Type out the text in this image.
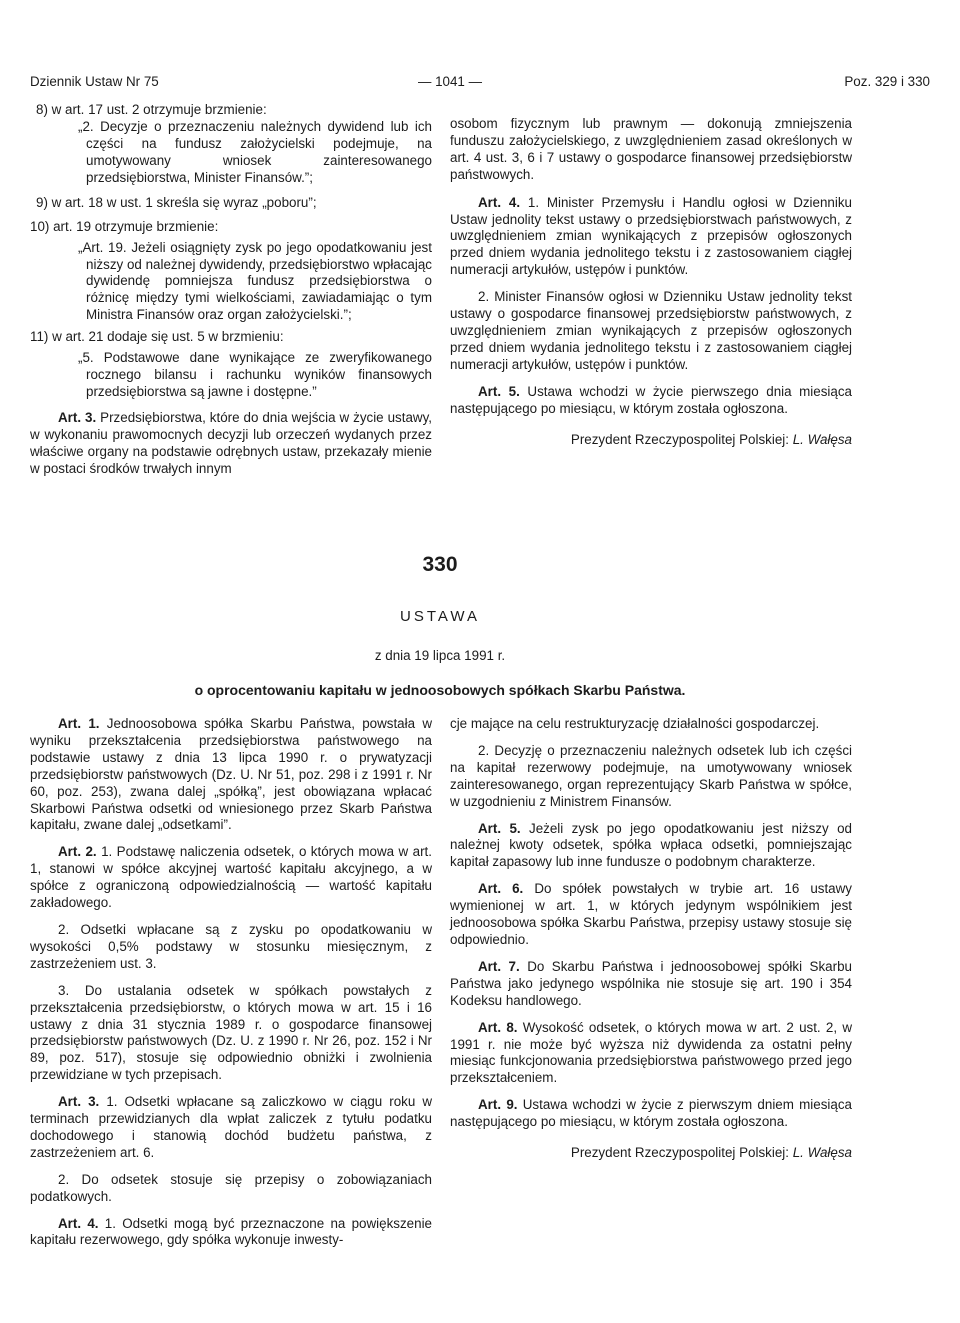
Dziennik Ustaw Nr 75	— 1041 —	Poz. 329 i 330
8) w art. 17 ust. 2 otrzymuje brzmienie:

„2. Decyzje o przeznaczeniu należnych dywidend lub ich części na fundusz założycielski podejmuje, na umotywowany wniosek zainteresowanego przedsiębiorstwa, Minister Finansów.”;

9) w art. 18 w ust. 1 skreśla się wyraz „poboru”;
10) art. 19 otrzymuje brzmienie:

„Art. 19. Jeżeli osiągnięty zysk po jego opodatkowaniu jest niższy od należnej dywidendy, przedsiębiorstwo wpłacając dywidendę pomniejsza fundusz przedsiębiorstwa o różnicę między tymi wielkościami, zawiadamiając o tym Ministra Finansów oraz organ założycielski.”;

11) w art. 21 dodaje się ust. 5 w brzmieniu:

„5. Podstawowe dane wynikające ze zweryfikowanego rocznego bilansu i rachunku wyników finansowych przedsiębiorstwa są jawne i dostępne.”

Art. 3. Przedsiębiorstwa, które do dnia wejścia w życie ustawy, w wykonaniu prawomocnych decyzji lub orzeczeń wydanych przez właściwe organy na podstawie odrębnych ustaw, przekazały mienie w postaci środków trwałych innym

osobom fizycznym lub prawnym — dokonują zmniejszenia funduszu założycielskiego, z uwzględnieniem zasad określonych w art. 4 ust. 3, 6 i 7 ustawy o gospodarce finansowej przedsiębiorstw państwowych.

Art. 4. 1. Minister Przemysłu i Handlu ogłosi w Dzienniku Ustaw jednolity tekst ustawy o przedsiębiorstwach państwowych, z uwzględnieniem zmian wynikających z przepisów ogłoszonych przed dniem wydania jednolitego tekstu i z zastosowaniem ciągłej numeracji artykułów, ustępów i punktów.

2. Minister Finansów ogłosi w Dzienniku Ustaw jednolity tekst ustawy o gospodarce finansowej przedsiębiorstw państwowych, z uwzględnieniem zmian wynikających z przepisów ogłoszonych przed dniem wydania jednolitego tekstu i z zastosowaniem ciągłej numeracji artykułów, ustępów i punktów.

Art. 5. Ustawa wchodzi w życie pierwszego dnia miesiąca następującego po miesiącu, w którym została ogłoszona.

Prezydent Rzeczypospolitej Polskiej: L. Wałęsa

330
USTAWA
z dnia 19 lipca 1991 r.
o oprocentowaniu kapitału w jednoosobowych spółkach Skarbu Państwa.

Art. 1. Jednoosobowa spółka Skarbu Państwa, powstała w wyniku przekształcenia przedsiębiorstwa państwowego na podstawie ustawy z dnia 13 lipca 1990 r. o prywatyzacji przedsiębiorstw państwowych (Dz. U. Nr 51, poz. 298 i z 1991 r. Nr 60, poz. 253), zwana dalej „spółką”, jest obowiązana wpłacać Skarbowi Państwa odsetki od wniesionego przez Skarb Państwa kapitału, zwane dalej „odsetkami”.

Art. 2. 1. Podstawę naliczenia odsetek, o których mowa w art. 1, stanowi w spółce akcyjnej wartość kapitału akcyjnego, a w spółce z ograniczoną odpowiedzialnością — wartość kapitału zakładowego.

2. Odsetki wpłacane są z zysku po opodatkowaniu w wysokości 0,5% podstawy w stosunku miesięcznym, z zastrzeżeniem ust. 3.

3. Do ustalania odsetek w spółkach powstałych z przekształcenia przedsiębiorstw, o których mowa w art. 15 i 16 ustawy z dnia 31 stycznia 1989 r. o gospodarce finansowej przedsiębiorstw państwowych (Dz. U. z 1990 r. Nr 26, poz. 152 i Nr 89, poz. 517), stosuje się odpowiednio obniżki i zwolnienia przewidziane w tych przepisach.

Art. 3. 1. Odsetki wpłacane są zaliczkowo w ciągu roku w terminach przewidzianych dla wpłat zaliczek z tytułu podatku dochodowego i stanowią dochód budżetu państwa, z zastrzeżeniem art. 6.

2. Do odsetek stosuje się przepisy o zobowiązaniach podatkowych.

Art. 4. 1. Odsetki mogą być przeznaczone na powiększenie kapitału rezerwowego, gdy spółka wykonuje inwesty-

cje mające na celu restrukturyzację działalności gospodarczej.

2. Decyzję o przeznaczeniu należnych odsetek lub ich części na kapitał rezerwowy podejmuje, na umotywowany wniosek zainteresowanego, organ reprezentujący Skarb Państwa w spółce, w uzgodnieniu z Ministrem Finansów.

Art. 5. Jeżeli zysk po jego opodatkowaniu jest niższy od należnej kwoty odsetek, spółka wpłaca odsetki, pomniejszając kapitał zapasowy lub inne fundusze o podobnym charakterze.

Art. 6. Do spółek powstałych w trybie art. 16 ustawy wymienionej w art. 1, w których jedynym wspólnikiem jest jednoosobowa spółka Skarbu Państwa, przepisy ustawy stosuje się odpowiednio.

Art. 7. Do Skarbu Państwa i jednoosobowej spółki Skarbu Państwa jako jedynego wspólnika nie stosuje się art. 190 i 354 Kodeksu handlowego.

Art. 8. Wysokość odsetek, o których mowa w art. 2 ust. 2, w 1991 r. nie może być wyższa niż dywidenda za ostatni pełny miesiąc funkcjonowania przedsiębiorstwa państwowego przed jego przekształceniem.

Art. 9. Ustawa wchodzi w życie z pierwszym dniem miesiąca następującego po miesiącu, w którym została ogłoszona.

Prezydent Rzeczypospolitej Polskiej: L. Wałęsa
